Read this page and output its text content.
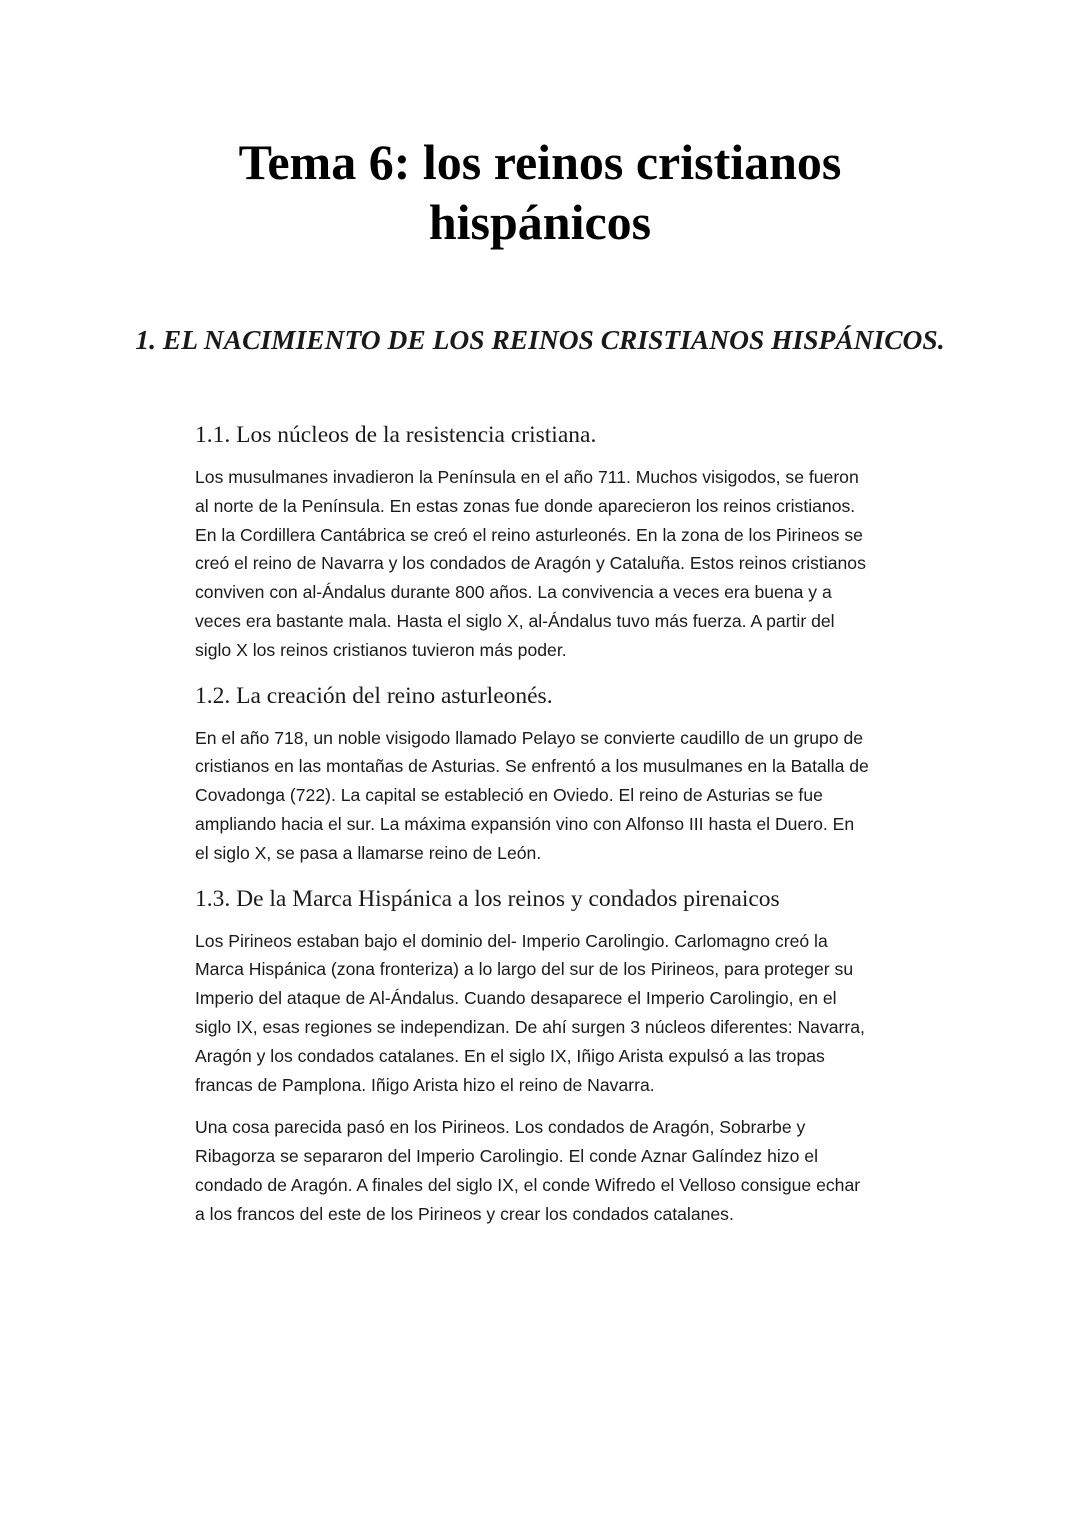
Tema 6: los reinos cristianos
hispánicos
1. EL NACIMIENTO DE LOS REINOS CRISTIANOS HISPÁNICOS.
1.1. Los núcleos de la resistencia cristiana.

Los musulmanes invadieron la Península en el año 711. Muchos visigodos, se fueron
al norte de la Península. En estas zonas fue donde aparecieron los reinos cristianos.
En la Cordillera Cantábrica se creó el reino asturleonés. En la zona de los Pirineos se
creó el reino de Navarra y los condados de Aragón y Cataluña. Estos reinos cristianos
conviven con al-Ándalus durante 800 años. La convivencia a veces era buena y a
veces era bastante mala. Hasta el siglo X, al-Ándalus tuvo más fuerza. A partir del
siglo X los reinos cristianos tuvieron más poder.

1.2. La creación del reino asturleonés.

En el año 718, un noble visigodo llamado Pelayo se convierte caudillo de un grupo de
cristianos en las montañas de Asturias. Se enfrentó a los musulmanes en la Batalla de
Covadonga (722). La capital se estableció en Oviedo. El reino de Asturias se fue
ampliando hacia el sur. La máxima expansión vino con Alfonso III hasta el Duero. En
el siglo X, se pasa a llamarse reino de León.

1.3. De la Marca Hispánica a los reinos y condados pirenaicos

Los Pirineos estaban bajo el dominio del- Imperio Carolingio. Carlomagno creó la
Marca Hispánica (zona fronteriza) a lo largo del sur de los Pirineos, para proteger su
Imperio del ataque de Al-Ándalus. Cuando desaparece el Imperio Carolingio, en el
siglo IX, esas regiones se independizan. De ahí surgen 3 núcleos diferentes: Navarra,
Aragón y los condados catalanes. En el siglo IX, Iñigo Arista expulsó a las tropas
francas de Pamplona. Iñigo Arista hizo el reino de Navarra.

Una cosa parecida pasó en los Pirineos. Los condados de Aragón, Sobrarbe y
Ribagorza se separaron del Imperio Carolingio. El conde Aznar Galíndez hizo el
condado de Aragón. A finales del siglo IX, el conde Wifredo el Velloso consigue echar
a los francos del este de los Pirineos y crear los condados catalanes.
